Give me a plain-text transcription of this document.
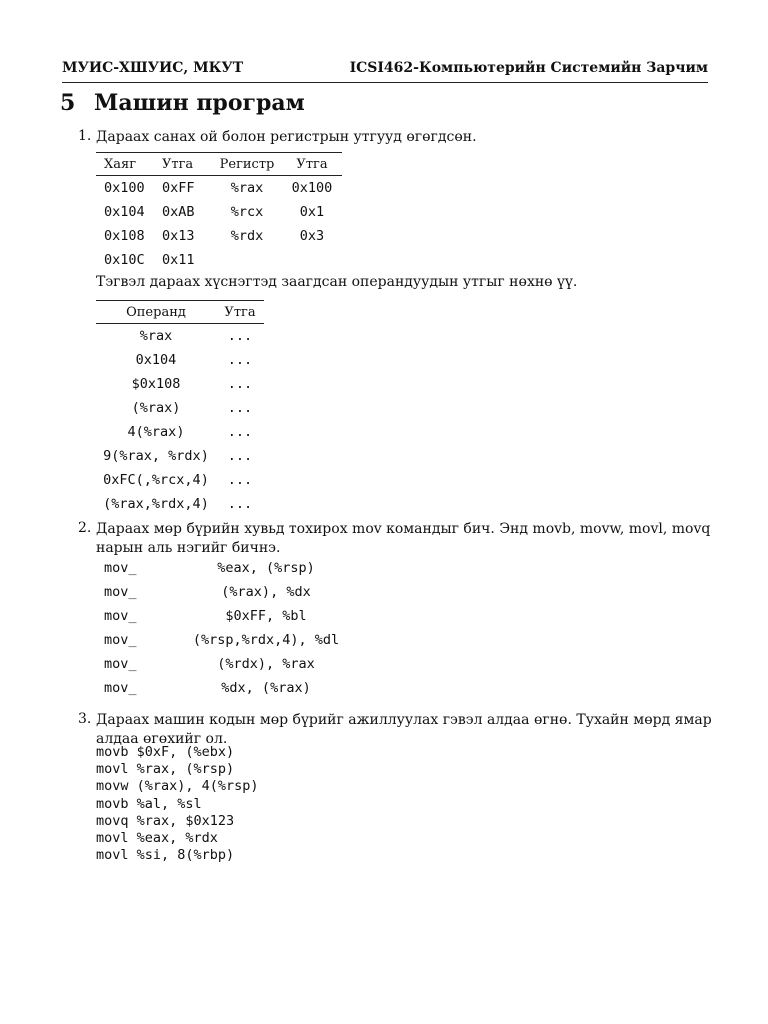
МУИС-ХШУИС, МКУТ	ICSI462-Компьютерийн Системийн Зарчим
5 Машин програм
1. Дараах санах ой болон регистрын утгууд өгөгдсөн.
Хаяг	Утга	Регистр	Утга
0x100	0xFF	%rax	0x100
0x104	0xAB	%rcx	0x1
0x108	0x13	%rdx	0x3
0x10C	0x11		
Тэгвэл дараах хүснэгтэд заагдсан операндуудын утгыг нөхнө үү.
Операнд	Утга
%rax	...
0x104	...
$0x108	...
(%rax)	...
4(%rax)	...
9(%rax, %rdx)	...
0xFC(,%rcx,4)	...
(%rax,%rdx,4)	...
2. Дараах мөр бүрийн хувьд тохирох mov командыг бич. Энд movb, movw, movl, movq нарын аль нэгийг бичнэ.
mov_	%eax, (%rsp)
mov_	(%rax), %dx
mov_	$0xFF, %bl
mov_	(%rsp,%rdx,4), %dl
mov_	(%rdx), %rax
mov_	%dx, (%rax)
3. Дараах машин кодын мөр бүрийг ажиллуулах гэвэл алдаа өгнө. Тухайн мөрд ямар алдаа өгөхийг ол.
movb $0xF, (%ebx)
movl %rax, (%rsp)
movw (%rax), 4(%rsp)
movb %al, %sl
movq %rax, $0x123
movl %eax, %rdx
movl %si, 8(%rbp)
